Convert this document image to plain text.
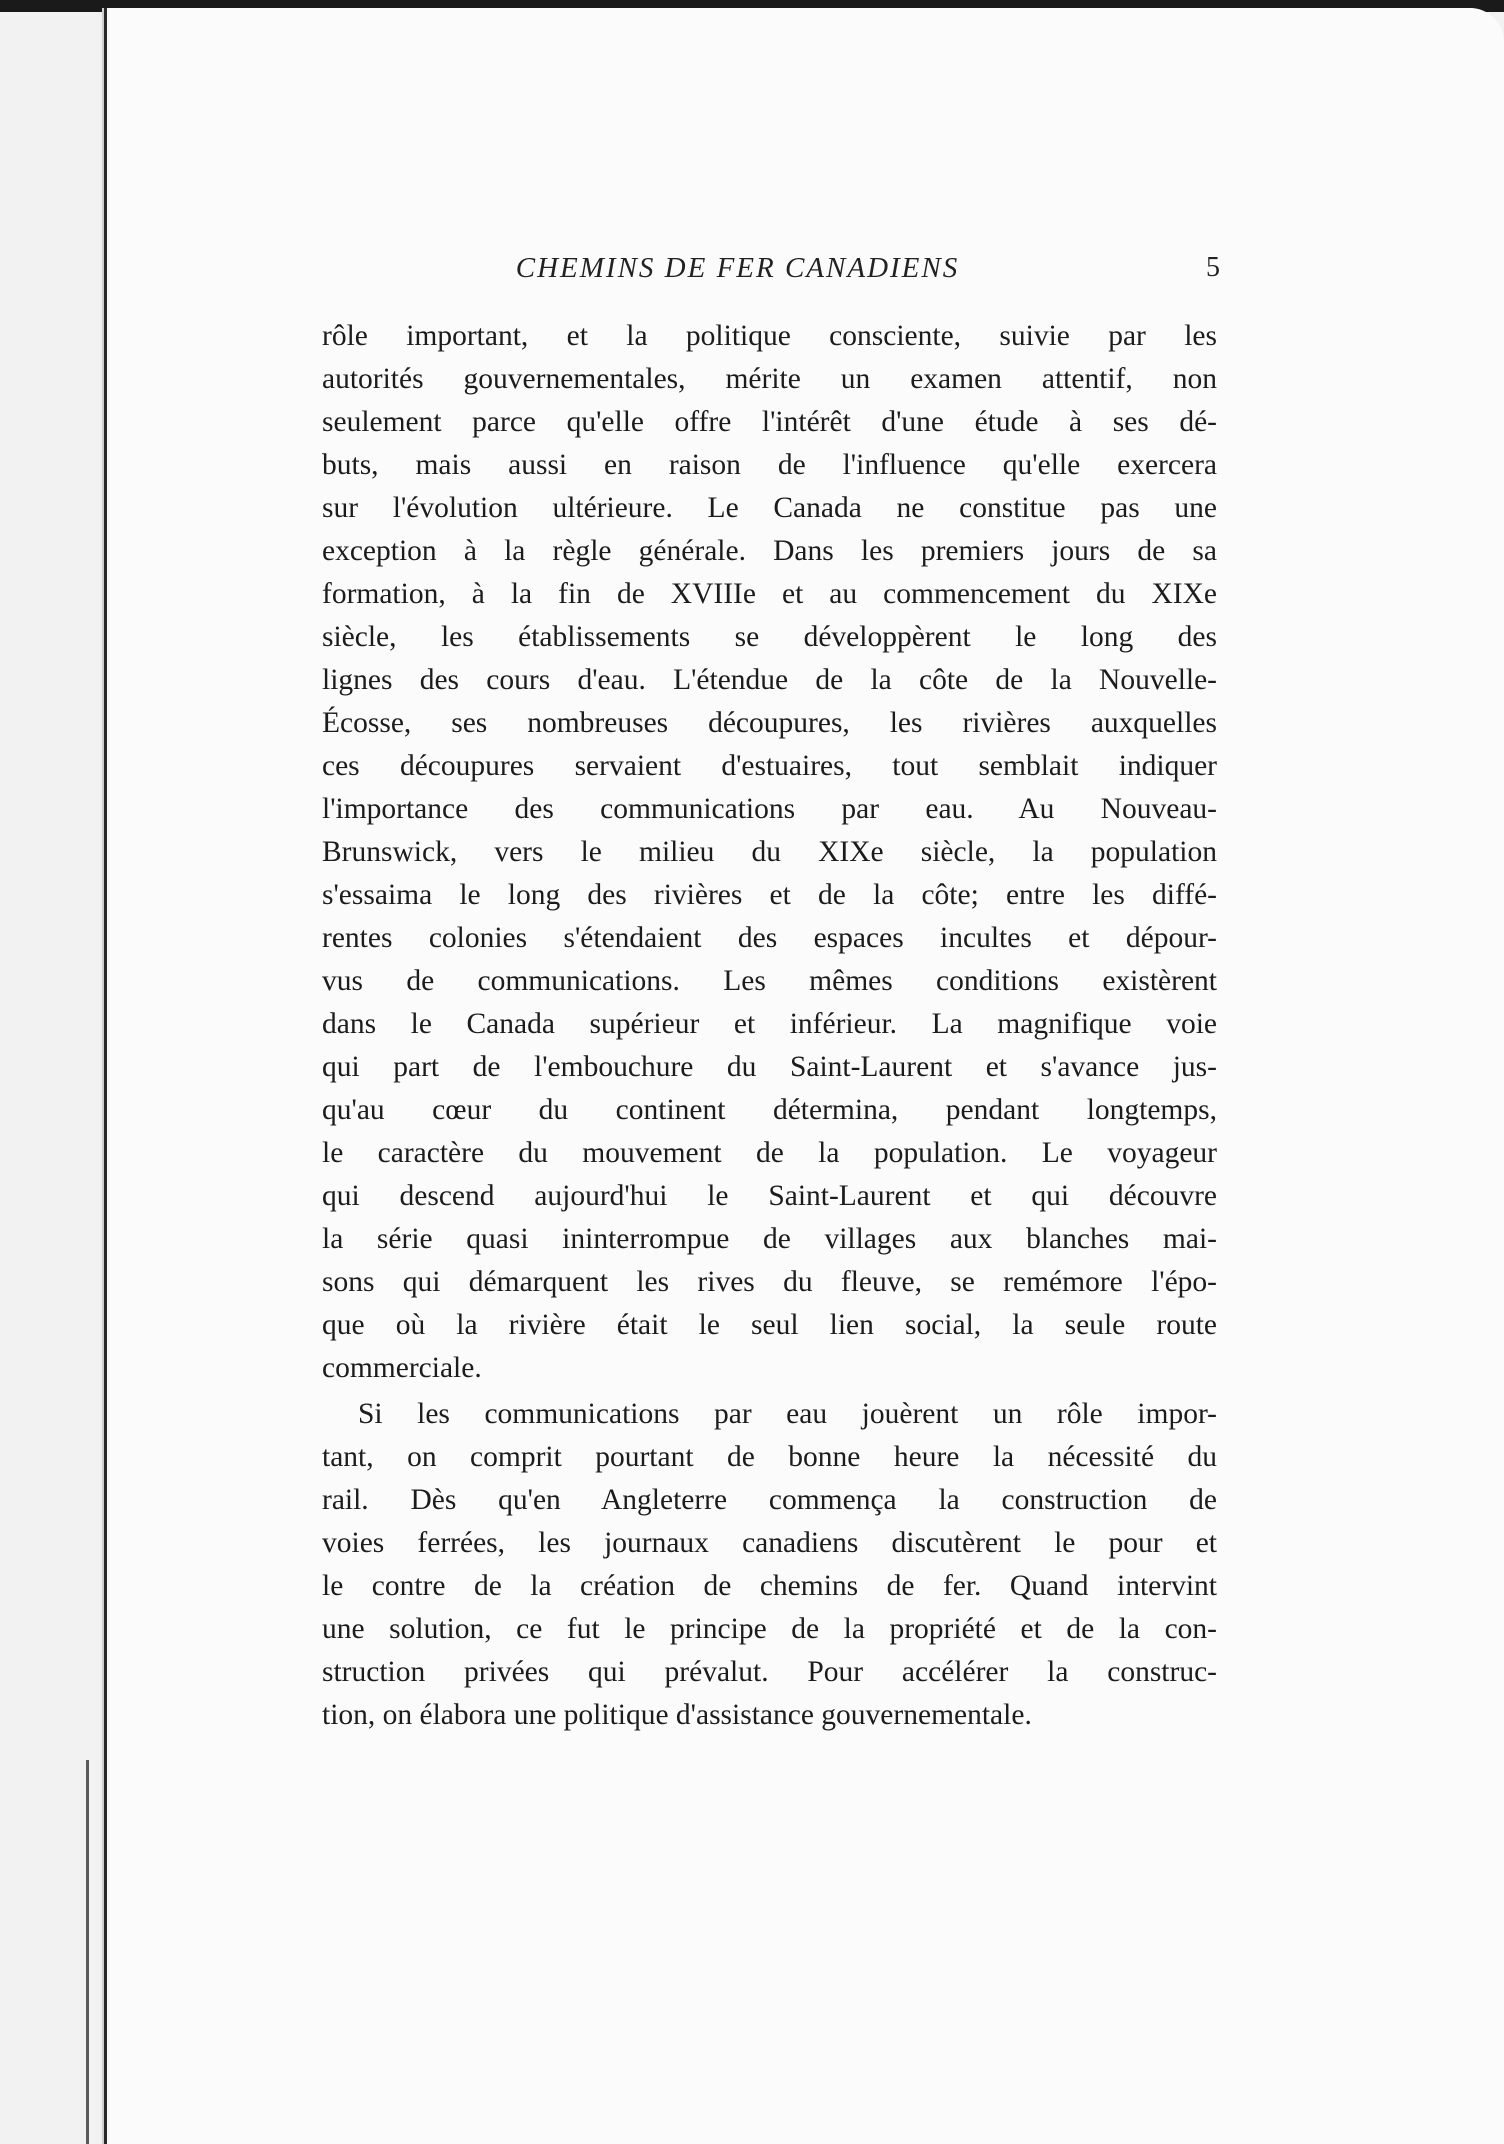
CHEMINS DE FER CANADIENS	5
rôle important, et la politique consciente, suivie par les
autorités gouvernementales, mérite un examen attentif, non
seulement parce qu'elle offre l'intérêt d'une étude à ses dé-
buts, mais aussi en raison de l'influence qu'elle exercera
sur l'évolution ultérieure. Le Canada ne constitue pas une
exception à la règle générale. Dans les premiers jours de sa
formation, à la fin de XVIIIe et au commencement du XIXe
siècle, les établissements se développèrent le long des
lignes des cours d'eau. L'étendue de la côte de la Nouvelle-
Écosse, ses nombreuses découpures, les rivières auxquelles
ces découpures servaient d'estuaires, tout semblait indiquer
l'importance des communications par eau. Au Nouveau-
Brunswick, vers le milieu du XIXe siècle, la population
s'essaima le long des rivières et de la côte; entre les diffé-
rentes colonies s'étendaient des espaces incultes et dépour-
vus de communications. Les mêmes conditions existèrent
dans le Canada supérieur et inférieur. La magnifique voie
qui part de l'embouchure du Saint-Laurent et s'avance jus-
qu'au cœur du continent détermina, pendant longtemps,
le caractère du mouvement de la population. Le voyageur
qui descend aujourd'hui le Saint-Laurent et qui découvre
la série quasi ininterrompue de villages aux blanches mai-
sons qui démarquent les rives du fleuve, se remémore l'épo-
que où la rivière était le seul lien social, la seule route
commerciale.
Si les communications par eau jouèrent un rôle impor-
tant, on comprit pourtant de bonne heure la nécessité du
rail. Dès qu'en Angleterre commença la construction de
voies ferrées, les journaux canadiens discutèrent le pour et
le contre de la création de chemins de fer. Quand intervint
une solution, ce fut le principe de la propriété et de la con-
struction privées qui prévalut. Pour accélérer la construc-
tion, on élabora une politique d'assistance gouvernementale.
